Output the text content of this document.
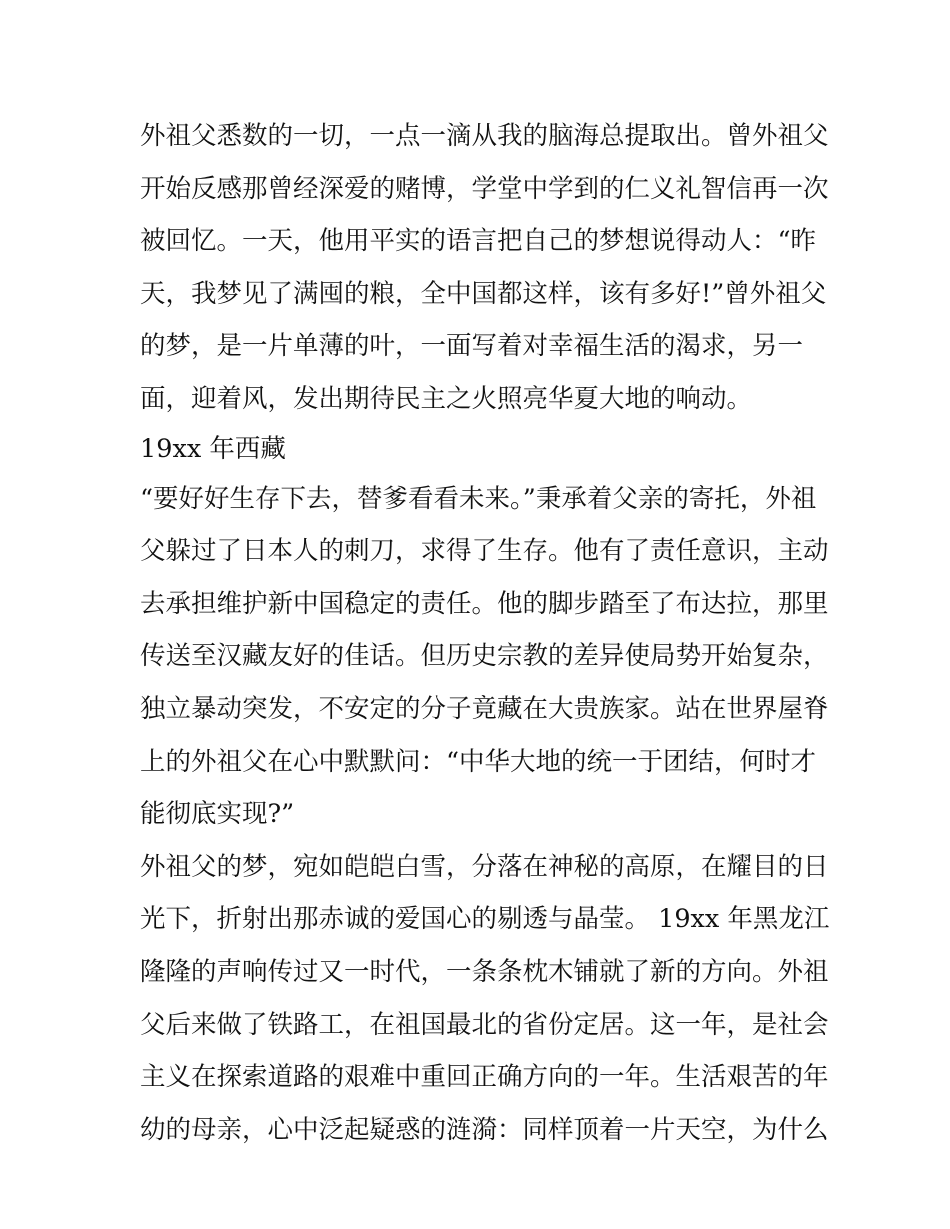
外祖父悉数的一切，一点一滴从我的脑海总提取出。曾外祖父
开始反感那曾经深爱的赌博，学堂中学到的仁义礼智信再一次
被回忆。一天，他用平实的语言把自己的梦想说得动人：“昨
天，我梦见了满囤的粮，全中国都这样，该有多好!”曾外祖父
的梦，是一片单薄的叶，一面写着对幸福生活的渴求，另一
面，迎着风，发出期待民主之火照亮华夏大地的响动。
19xx 年西藏
“要好好生存下去，替爹看看未来。”秉承着父亲的寄托，外祖
父躲过了日本人的刺刀，求得了生存。他有了责任意识，主动
去承担维护新中国稳定的责任。他的脚步踏至了布达拉，那里
传送至汉藏友好的佳话。但历史宗教的差异使局势开始复杂，
独立暴动突发，不安定的分子竟藏在大贵族家。站在世界屋脊
上的外祖父在心中默默问：“中华大地的统一于团结，何时才
能彻底实现?”
外祖父的梦，宛如皑皑白雪，分落在神秘的高原，在耀目的日
光下，折射出那赤诚的爱国心的剔透与晶莹。 19xx 年黑龙江
隆隆的声响传过又一时代，一条条枕木铺就了新的方向。外祖
父后来做了铁路工，在祖国最北的省份定居。这一年，是社会
主义在探索道路的艰难中重回正确方向的一年。生活艰苦的年
幼的母亲，心中泛起疑惑的涟漪：同样顶着一片天空，为什么
